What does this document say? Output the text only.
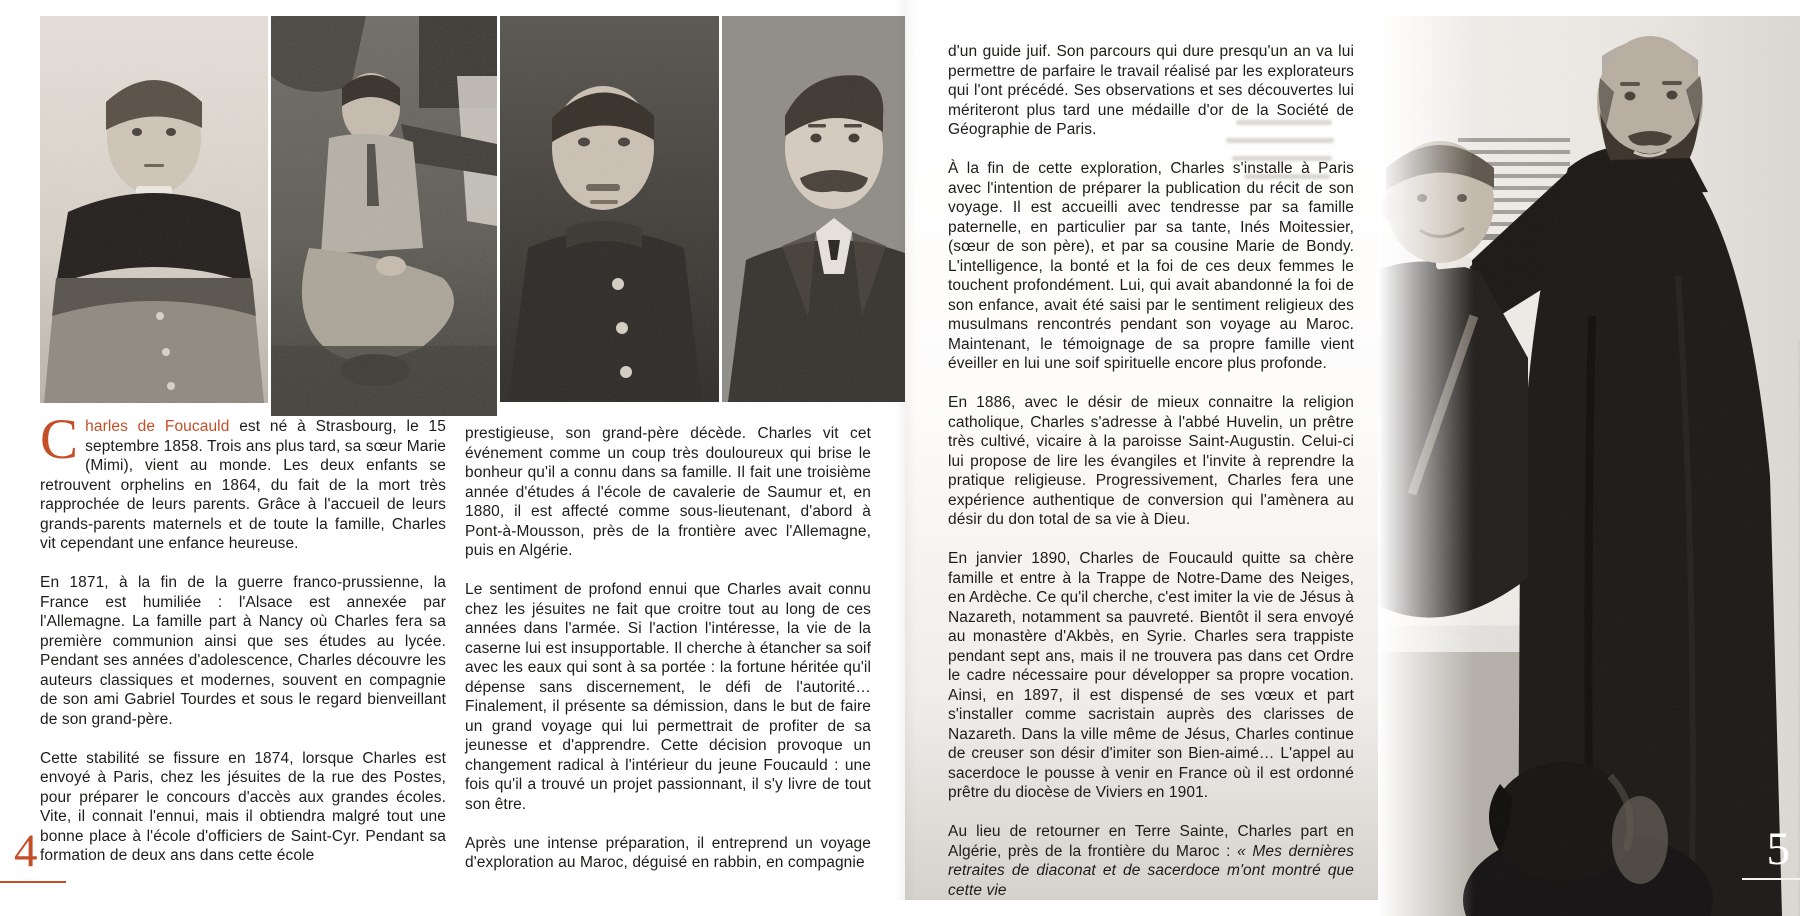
Charles de Foucauld est né à Strasbourg, le 15 septembre 1858. Trois ans plus tard, sa sœur Marie (Mimi), vient au monde. Les deux enfants se retrouvent orphelins en 1864, du fait de la mort très rapprochée de leurs parents. Grâce à l'accueil de leurs grands-parents maternels et de toute la famille, Charles vit cependant une enfance heureuse.

En 1871, à la fin de la guerre franco-prussienne, la France est humiliée : l'Alsace est annexée par l'Allemagne. La famille part à Nancy où Charles fera sa première communion ainsi que ses études au lycée. Pendant ses années d'adolescence, Charles découvre les auteurs classiques et modernes, souvent en compagnie de son ami Gabriel Tourdes et sous le regard bienveillant de son grand-père.

Cette stabilité se fissure en 1874, lorsque Charles est envoyé à Paris, chez les jésuites de la rue des Postes, pour préparer le concours d'accès aux grandes écoles. Vite, il connait l'ennui, mais il obtiendra malgré tout une bonne place à l'école d'officiers de Saint-Cyr. Pendant sa formation de deux ans dans cette école

prestigieuse, son grand-père décède. Charles vit cet événement comme un coup très douloureux qui brise le bonheur qu'il a connu dans sa famille. Il fait une troisième année d'études á l'école de cavalerie de Saumur et, en 1880, il est affecté comme sous-lieutenant, d'abord à Pont-à-Mousson, près de la frontière avec l'Allemagne, puis en Algérie.

Le sentiment de profond ennui que Charles avait connu chez les jésuites ne fait que croitre tout au long de ces années dans l'armée. Si l'action l'intéresse, la vie de la caserne lui est insupportable. Il cherche à étancher sa soif avec les eaux qui sont à sa portée : la fortune héritée qu'il dépense sans discernement, le défi de l'autorité… Finalement, il présente sa démission, dans le but de faire un grand voyage qui lui permettrait de profiter de sa jeunesse et d'apprendre. Cette décision provoque un changement radical à l'intérieur du jeune Foucauld : une fois qu'il a trouvé un projet passionnant, il s'y livre de tout son être.

Après une intense préparation, il entreprend un voyage d'exploration au Maroc, déguisé en rabbin, en compagnie

4

d'un guide juif. Son parcours qui dure presqu'un an va lui permettre de parfaire le travail réalisé par les explorateurs qui l'ont précédé. Ses observations et ses découvertes lui mériteront plus tard une médaille d'or de la Société de Géographie de Paris.

À la fin de cette exploration, Charles s'installe à Paris avec l'intention de préparer la publication du récit de son voyage. Il est accueilli avec tendresse par sa famille paternelle, en particulier par sa tante, Inés Moitessier, (sœur de son père), et par sa cousine Marie de Bondy. L'intelligence, la bonté et la foi de ces deux femmes le touchent profondément. Lui, qui avait abandonné la foi de son enfance, avait été saisi par le sentiment religieux des musulmans rencontrés pendant son voyage au Maroc. Maintenant, le témoignage de sa propre famille vient éveiller en lui une soif spirituelle encore plus profonde.

En 1886, avec le désir de mieux connaitre la religion catholique, Charles s'adresse à l'abbé Huvelin, un prêtre très cultivé, vicaire à la paroisse Saint-Augustin. Celui-ci lui propose de lire les évangiles et l'invite à reprendre la pratique religieuse. Progressivement, Charles fera une expérience authentique de conversion qui l'amènera au désir du don total de sa vie à Dieu.

En janvier 1890, Charles de Foucauld quitte sa chère famille et entre à la Trappe de Notre-Dame des Neiges, en Ardèche. Ce qu'il cherche, c'est imiter la vie de Jésus à Nazareth, notamment sa pauvreté. Bientôt il sera envoyé au monastère d'Akbès, en Syrie. Charles sera trappiste pendant sept ans, mais il ne trouvera pas dans cet Ordre le cadre nécessaire pour développer sa propre vocation. Ainsi, en 1897, il est dispensé de ses vœux et part s'installer comme sacristain auprès des clarisses de Nazareth. Dans la ville même de Jésus, Charles continue de creuser son désir d'imiter son Bien-aimé… L'appel au sacerdoce le pousse à venir en France où il est ordonné prêtre du diocèse de Viviers en 1901.

Au lieu de retourner en Terre Sainte, Charles part en Algérie, près de la frontière du Maroc : « Mes dernières retraites de diaconat et de sacerdoce m'ont montré que cette vie

5
